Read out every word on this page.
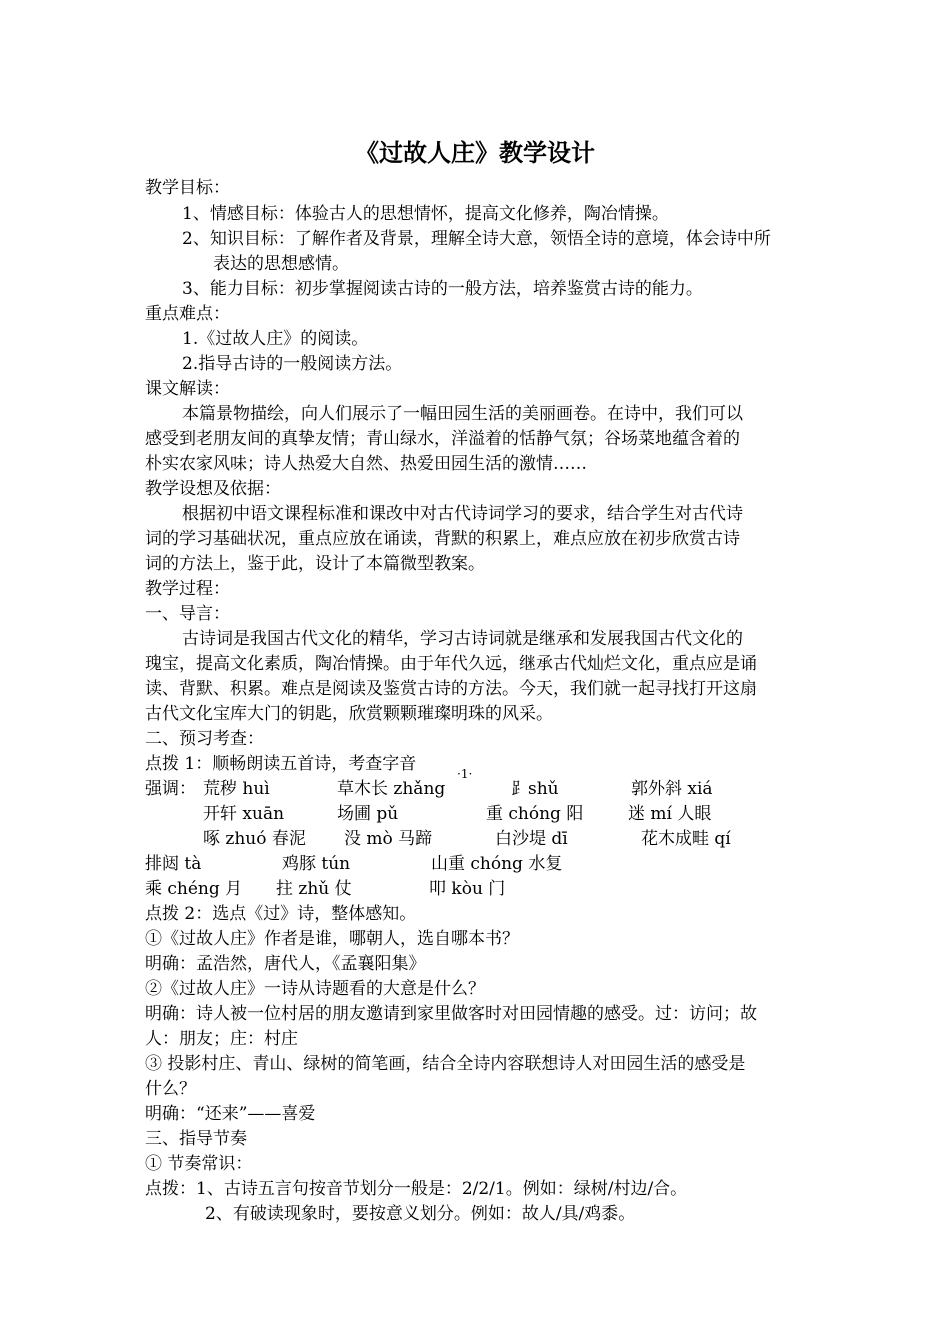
《过故人庄》教学设计
教学目标：
1、情感目标：体验古人的思想情怀，提高文化修养，陶冶情操。
2、知识目标：了解作者及背景，理解全诗大意，领悟全诗的意境，体会诗中所
表达的思想感情。
3、能力目标：初步掌握阅读古诗的一般方法，培养鉴赏古诗的能力。
重点难点：
1.《过故人庄》的阅读。
2.指导古诗的一般阅读方法。
课文解读：
本篇景物描绘，向人们展示了一幅田园生活的美丽画卷。在诗中，我们可以
感受到老朋友间的真挚友情；青山绿水，洋溢着的恬静气氛；谷场菜地蕴含着的
朴实农家风味；诗人热爱大自然、热爱田园生活的激情……
教学设想及依据：
根据初中语文课程标准和课改中对古代诗词学习的要求，结合学生对古代诗
词的学习基础状况，重点应放在诵读，背默的积累上，难点应放在初步欣赏古诗
词的方法上，鉴于此，设计了本篇微型教案。
教学过程：
一、导言：
古诗词是我国古代文化的精华，学习古诗词就是继承和发展我国古代文化的
瑰宝，提高文化素质，陶冶情操。由于年代久远，继承古代灿烂文化，重点应是诵
读、背默、积累。难点是阅读及鉴赏古诗的方法。今天，我们就一起寻找打开这扇
古代文化宝库大门的钥匙，欣赏颗颗璀璨明珠的风采。
二、预习考查：
点拨 1：顺畅朗读五首诗，考查字音	·1·
强调： 荒秽 huì	草木长 zhǎng	⻊shǔ	郭外斜 xiá
开轩 xuān	场圃 pǔ	重 chóng 阳	迷 mí 人眼
啄 zhuó 春泥 没 mò 马蹄	白沙堤 dī	花木成畦 qí
排闼 tà	鸡豚 tún	山重 chóng 水复
乘 chéng 月 拄 zhǔ 仗	叩 kòu 门
点拨 2：选点《过》诗，整体感知。
①《过故人庄》作者是谁，哪朝人，选自哪本书？
明确：孟浩然，唐代人，《孟襄阳集》
②《过故人庄》一诗从诗题看的大意是什么？
明确：诗人被一位村居的朋友邀请到家里做客时对田园情趣的感受。过：访问；故
人：朋友；庄：村庄
③ 投影村庄、青山、绿树的简笔画，结合全诗内容联想诗人对田园生活的感受是
什么？
明确：“还来”——喜爱
三、指导节奏
① 节奏常识：
点拨：1、古诗五言句按音节划分一般是：2/2/1。例如：绿树/村边/合。
2、有破读现象时，要按意义划分。例如：故人/具/鸡黍。
